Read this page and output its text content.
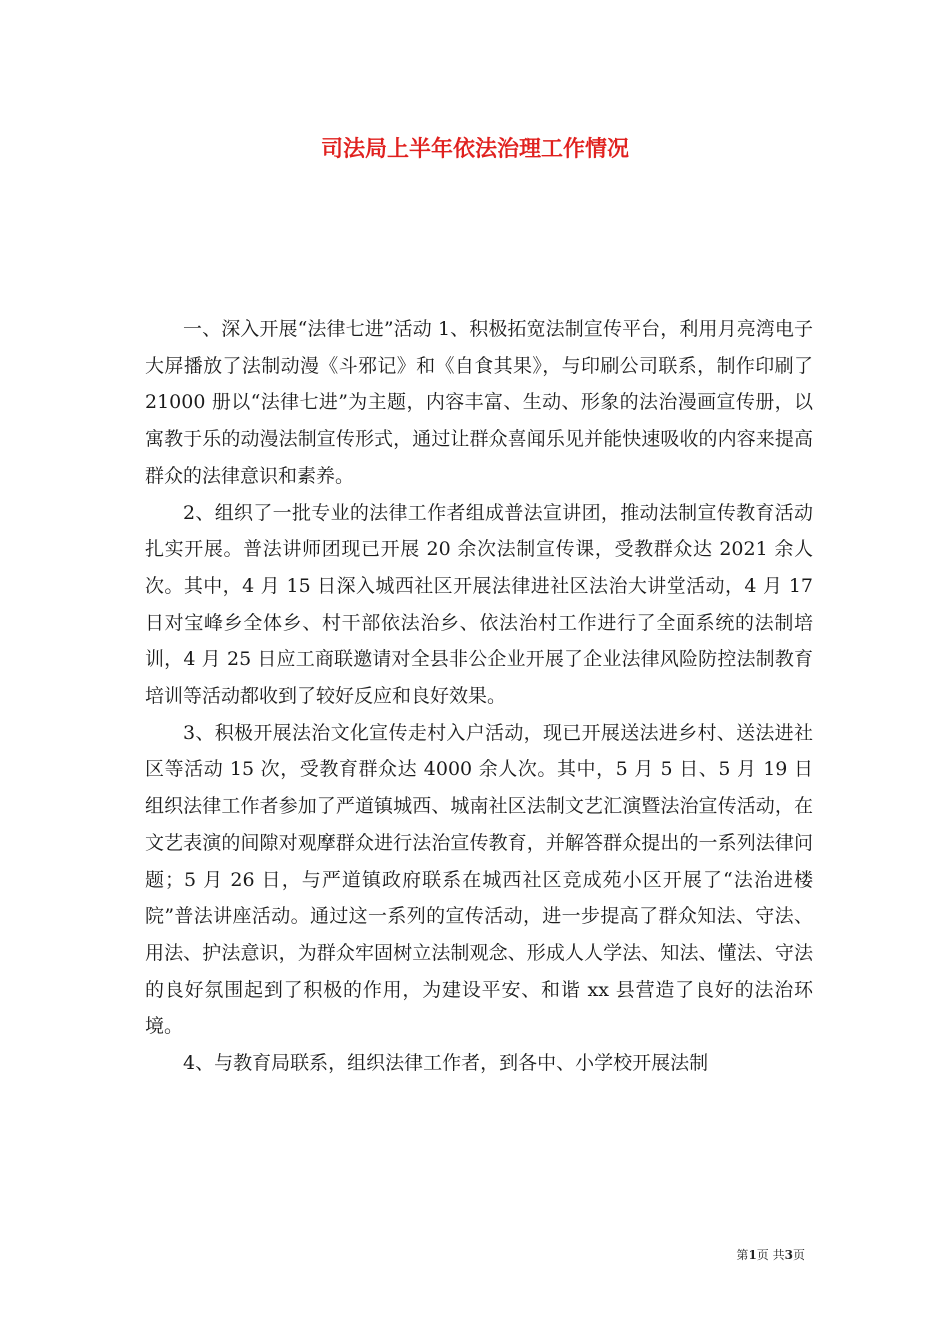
司法局上半年依法治理工作情况

一、深入开展“法律七进”活动 1、积极拓宽法制宣传平台，利用月亮湾电子大屏播放了法制动漫《斗邪记》和《自食其果》，与印刷公司联系，制作印刷了 21000 册以“法律七进”为主题，内容丰富、生动、形象的法治漫画宣传册，以寓教于乐的动漫法制宣传形式，通过让群众喜闻乐见并能快速吸收的内容来提高群众的法律意识和素养。

2、组织了一批专业的法律工作者组成普法宣讲团，推动法制宣传教育活动扎实开展。普法讲师团现已开展 20 余次法制宣传课，受教群众达 2021 余人次。其中，4 月 15 日深入城西社区开展法律进社区法治大讲堂活动，4 月 17 日对宝峰乡全体乡、村干部依法治乡、依法治村工作进行了全面系统的法制培训，4 月 25 日应工商联邀请对全县非公企业开展了企业法律风险防控法制教育培训等活动都收到了较好反应和良好效果。

3、积极开展法治文化宣传走村入户活动，现已开展送法进乡村、送法进社区等活动 15 次，受教育群众达 4000 余人次。其中，5 月 5 日、5 月 19 日组织法律工作者参加了严道镇城西、城南社区法制文艺汇演暨法治宣传活动，在文艺表演的间隙对观摩群众进行法治宣传教育，并解答群众提出的一系列法律问题；5 月 26 日，与严道镇政府联系在城西社区竞成苑小区开展了“法治进楼院”普法讲座活动。通过这一系列的宣传活动，进一步提高了群众知法、守法、用法、护法意识，为群众牢固树立法制观念、形成人人学法、知法、懂法、守法的良好氛围起到了积极的作用，为建设平安、和谐 xx 县营造了良好的法治环境。

4、与教育局联系，组织法律工作者，到各中、小学校开展法制

第1页 共3页
